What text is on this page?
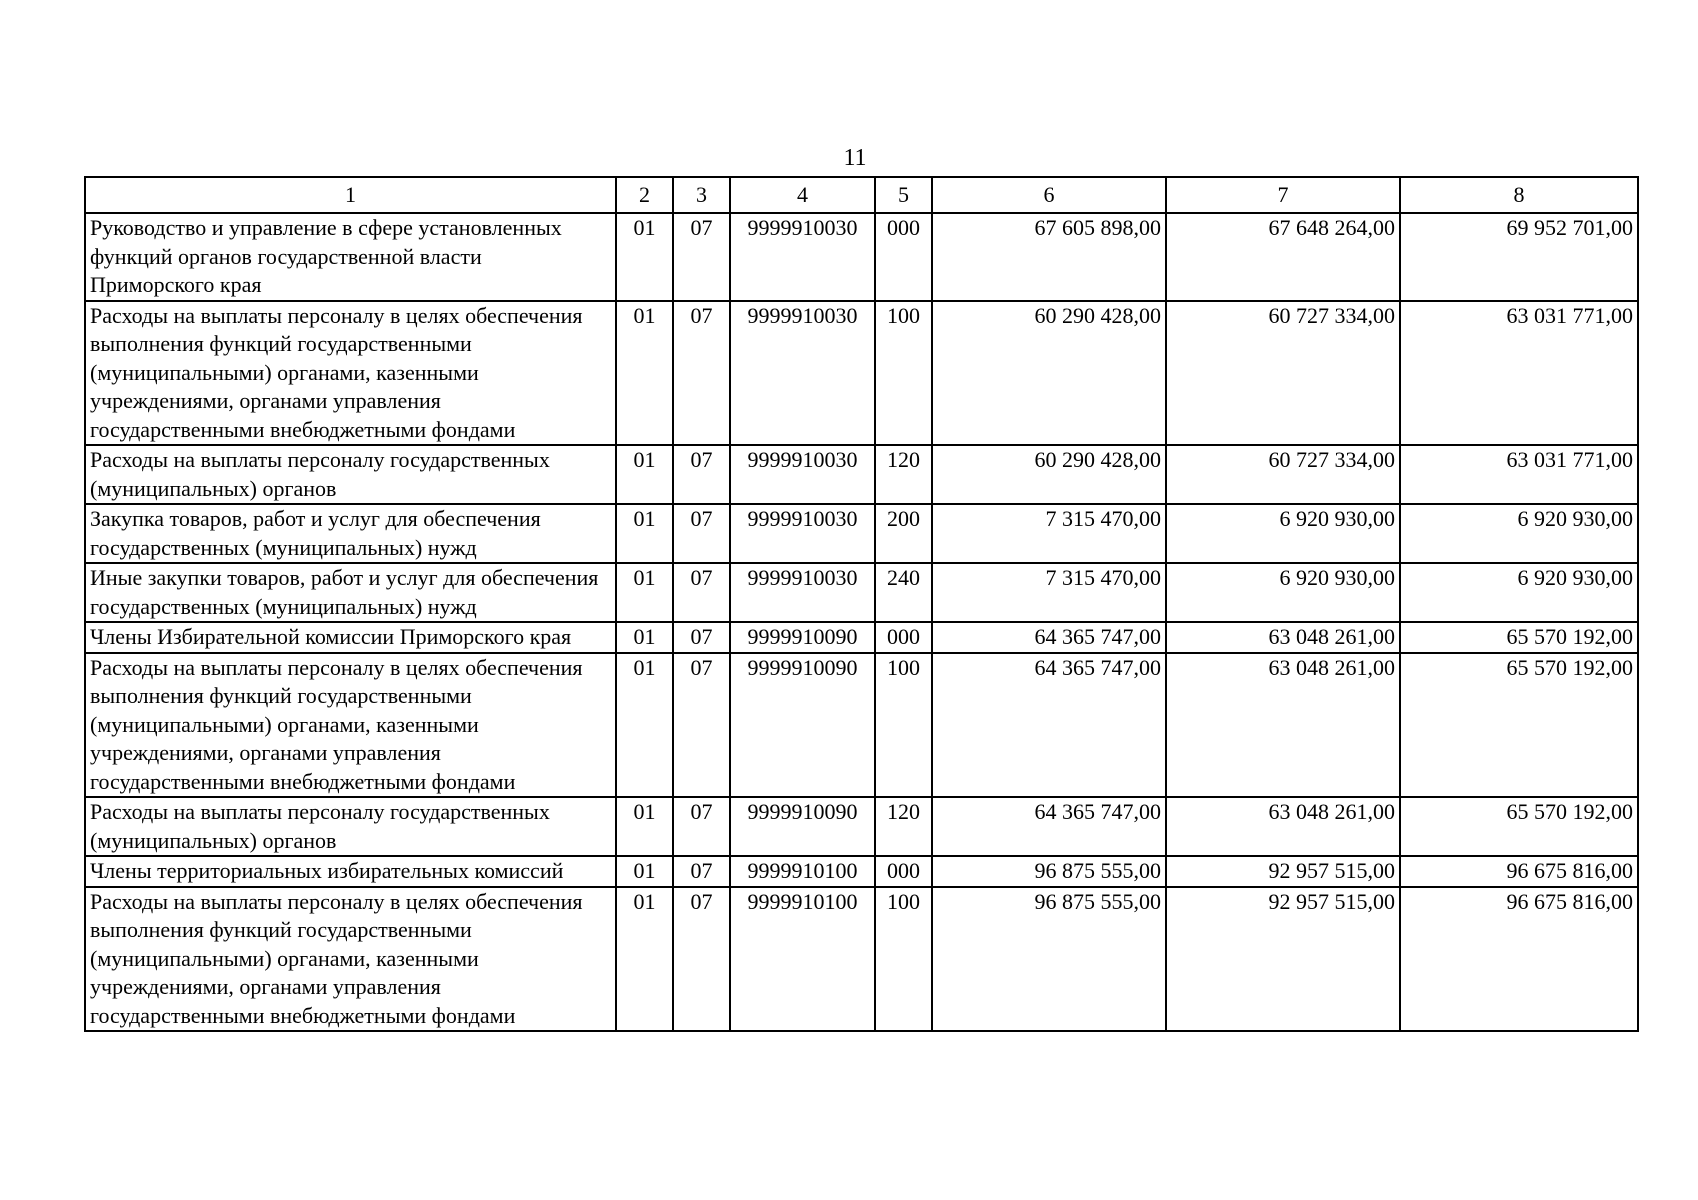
11
1	2	3	4	5	6	7	8
Руководство и управление в сфере установленных функций органов государственной власти Приморского края	01	07	9999910030	000	67 605 898,00	67 648 264,00	69 952 701,00
Расходы на выплаты персоналу в целях обеспечения выполнения функций государственными (муниципальными) органами, казенными учреждениями, органами управления государственными внебюджетными фондами	01	07	9999910030	100	60 290 428,00	60 727 334,00	63 031 771,00
Расходы на выплаты персоналу государственных (муниципальных) органов	01	07	9999910030	120	60 290 428,00	60 727 334,00	63 031 771,00
Закупка товаров, работ и услуг для обеспечения государственных (муниципальных) нужд	01	07	9999910030	200	7 315 470,00	6 920 930,00	6 920 930,00
Иные закупки товаров, работ и услуг для обеспечения государственных (муниципальных) нужд	01	07	9999910030	240	7 315 470,00	6 920 930,00	6 920 930,00
Члены Избирательной комиссии Приморского края	01	07	9999910090	000	64 365 747,00	63 048 261,00	65 570 192,00
Расходы на выплаты персоналу в целях обеспечения выполнения функций государственными (муниципальными) органами, казенными учреждениями, органами управления государственными внебюджетными фондами	01	07	9999910090	100	64 365 747,00	63 048 261,00	65 570 192,00
Расходы на выплаты персоналу государственных (муниципальных) органов	01	07	9999910090	120	64 365 747,00	63 048 261,00	65 570 192,00
Члены территориальных избирательных комиссий	01	07	9999910100	000	96 875 555,00	92 957 515,00	96 675 816,00
Расходы на выплаты персоналу в целях обеспечения выполнения функций государственными (муниципальными) органами, казенными учреждениями, органами управления государственными внебюджетными фондами	01	07	9999910100	100	96 875 555,00	92 957 515,00	96 675 816,00
